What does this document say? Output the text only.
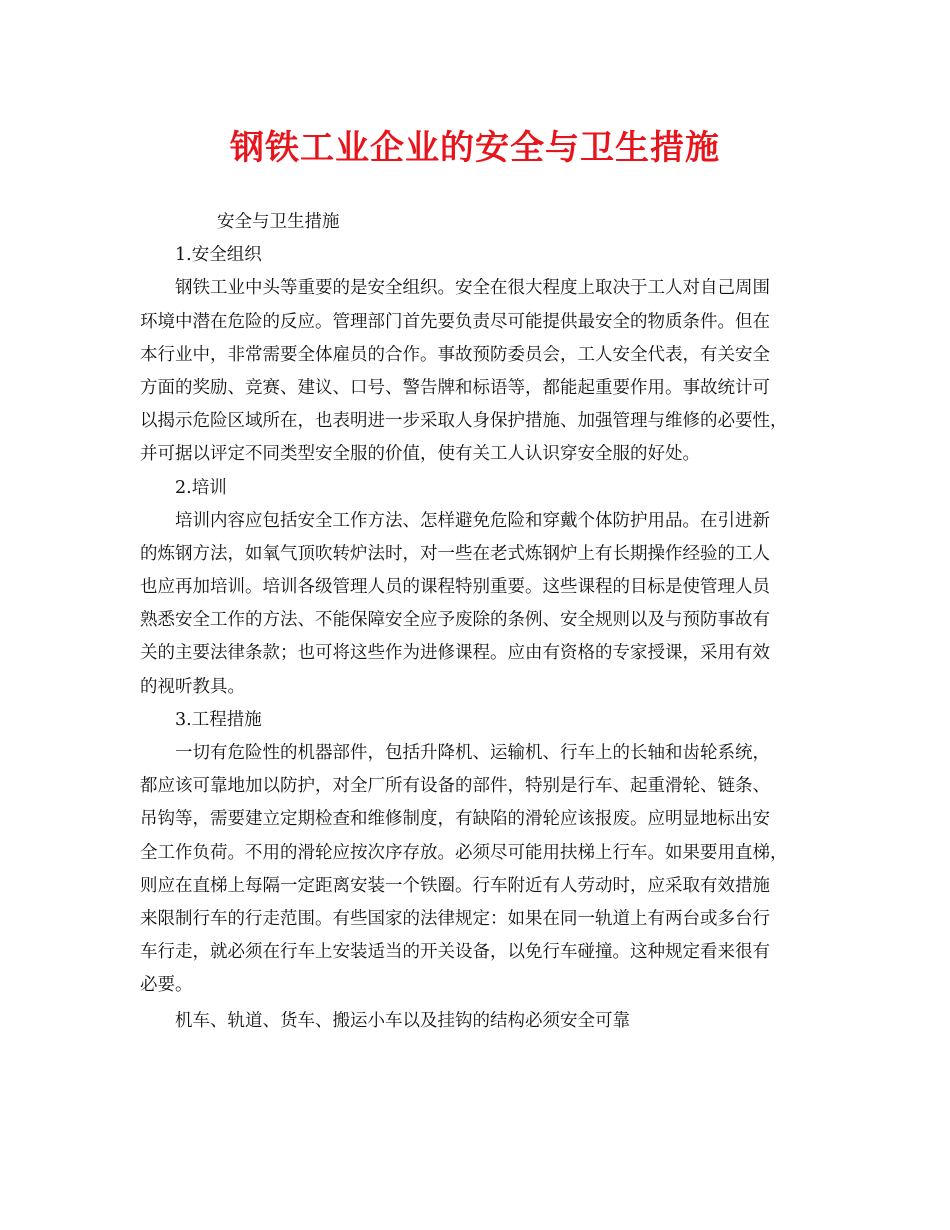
钢铁工业企业的安全与卫生措施
安全与卫生措施
1.安全组织
钢铁工业中头等重要的是安全组织。安全在很大程度上取决于工人对自己周围
环境中潜在危险的反应。管理部门首先要负责尽可能提供最安全的物质条件。但在
本行业中，非常需要全体雇员的合作。事故预防委员会，工人安全代表，有关安全
方面的奖励、竞赛、建议、口号、警告牌和标语等，都能起重要作用。事故统计可
以揭示危险区域所在，也表明进一步采取人身保护措施、加强管理与维修的必要性，
并可据以评定不同类型安全服的价值，使有关工人认识穿安全服的好处。
2.培训
培训内容应包括安全工作方法、怎样避免危险和穿戴个体防护用品。在引进新
的炼钢方法，如氧气顶吹转炉法时，对一些在老式炼钢炉上有长期操作经验的工人
也应再加培训。培训各级管理人员的课程特别重要。这些课程的目标是使管理人员
熟悉安全工作的方法、不能保障安全应予废除的条例、安全规则以及与预防事故有
关的主要法律条款；也可将这些作为进修课程。应由有资格的专家授课，采用有效
的视听教具。
3.工程措施
一切有危险性的机器部件，包括升降机、运输机、行车上的长轴和齿轮系统，
都应该可靠地加以防护，对全厂所有设备的部件，特别是行车、起重滑轮、链条、
吊钩等，需要建立定期检查和维修制度，有缺陷的滑轮应该报废。应明显地标出安
全工作负荷。不用的滑轮应按次序存放。必须尽可能用扶梯上行车。如果要用直梯，
则应在直梯上每隔一定距离安装一个铁圈。行车附近有人劳动时，应采取有效措施
来限制行车的行走范围。有些国家的法律规定：如果在同一轨道上有两台或多台行
车行走，就必须在行车上安装适当的开关设备，以免行车碰撞。这种规定看来很有
必要。
机车、轨道、货车、搬运小车以及挂钩的结构必须安全可靠
